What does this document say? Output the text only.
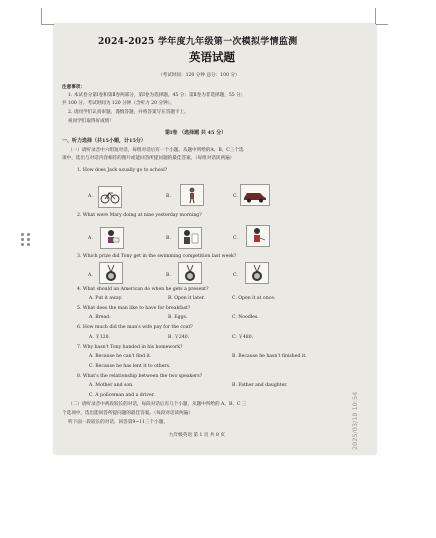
2024-2025 学年度九年级第一次模拟学情监测
英语试题
（考试时间：120 分钟 总分：100 分）
注意事项：
1. 本试卷分第Ⅰ卷和第Ⅱ卷两部分，第Ⅰ卷为选择题，45 分；第Ⅱ卷为非选择题，55 分；
共 100 分。考试时间为 120 分钟（含听力 20 分钟）。
2. 请同学们认真审题，谨慎答题，并将答案写在答题卡上。
祝同学们取得好成绩！
第Ⅰ卷 （选择题 共 45 分）
一、听力选择（共15小题，计15分）
（一）请听录音中六组短对话，每组对话后有一个小题。从题中所给的A、B、C三个选
项中，选出与对话内容相符的图片或能回答所提问题的最佳答案。（每组对话读两遍）
1. How does Jack usually go to school?
A.	B.	C.
2. What were Mary doing at nine yesterday morning?
A.	B.	C.
3. Which prize did Tony get in the swimming competition last week?
A.	B.	C.
4. What should an American do when he gets a present?
A. Put it away.	B. Open it later.	C. Open it at once.
5. What does the man like to have for breakfast?
A. Bread.	B. Eggs.	C. Noodles.
6. How much did the man's wife pay for the coat?
A. ￥120.	B. ￥240.	C. ￥480.
7. Why hasn't Tony handed in his homework?
A. Because he can't find it.	B. Because he hasn't finished it.
C. Because he has lent it to others.
8. What's the relationship between the two speakers?
A. Mother and son.	B. Father and daughter.
C. A policeman and a driver.
（二）请听录音中两段较长的对话，每段对话后有几个小题，从题中所给的 A、B、C 三
个选项中，选出能回答所提问题的最佳答案。（每段对话读两遍）
听下面一段较长的对话，回答第9~11三个小题。
九年级英语 第 1 页 共 8 页	2025/03/18 10:54
